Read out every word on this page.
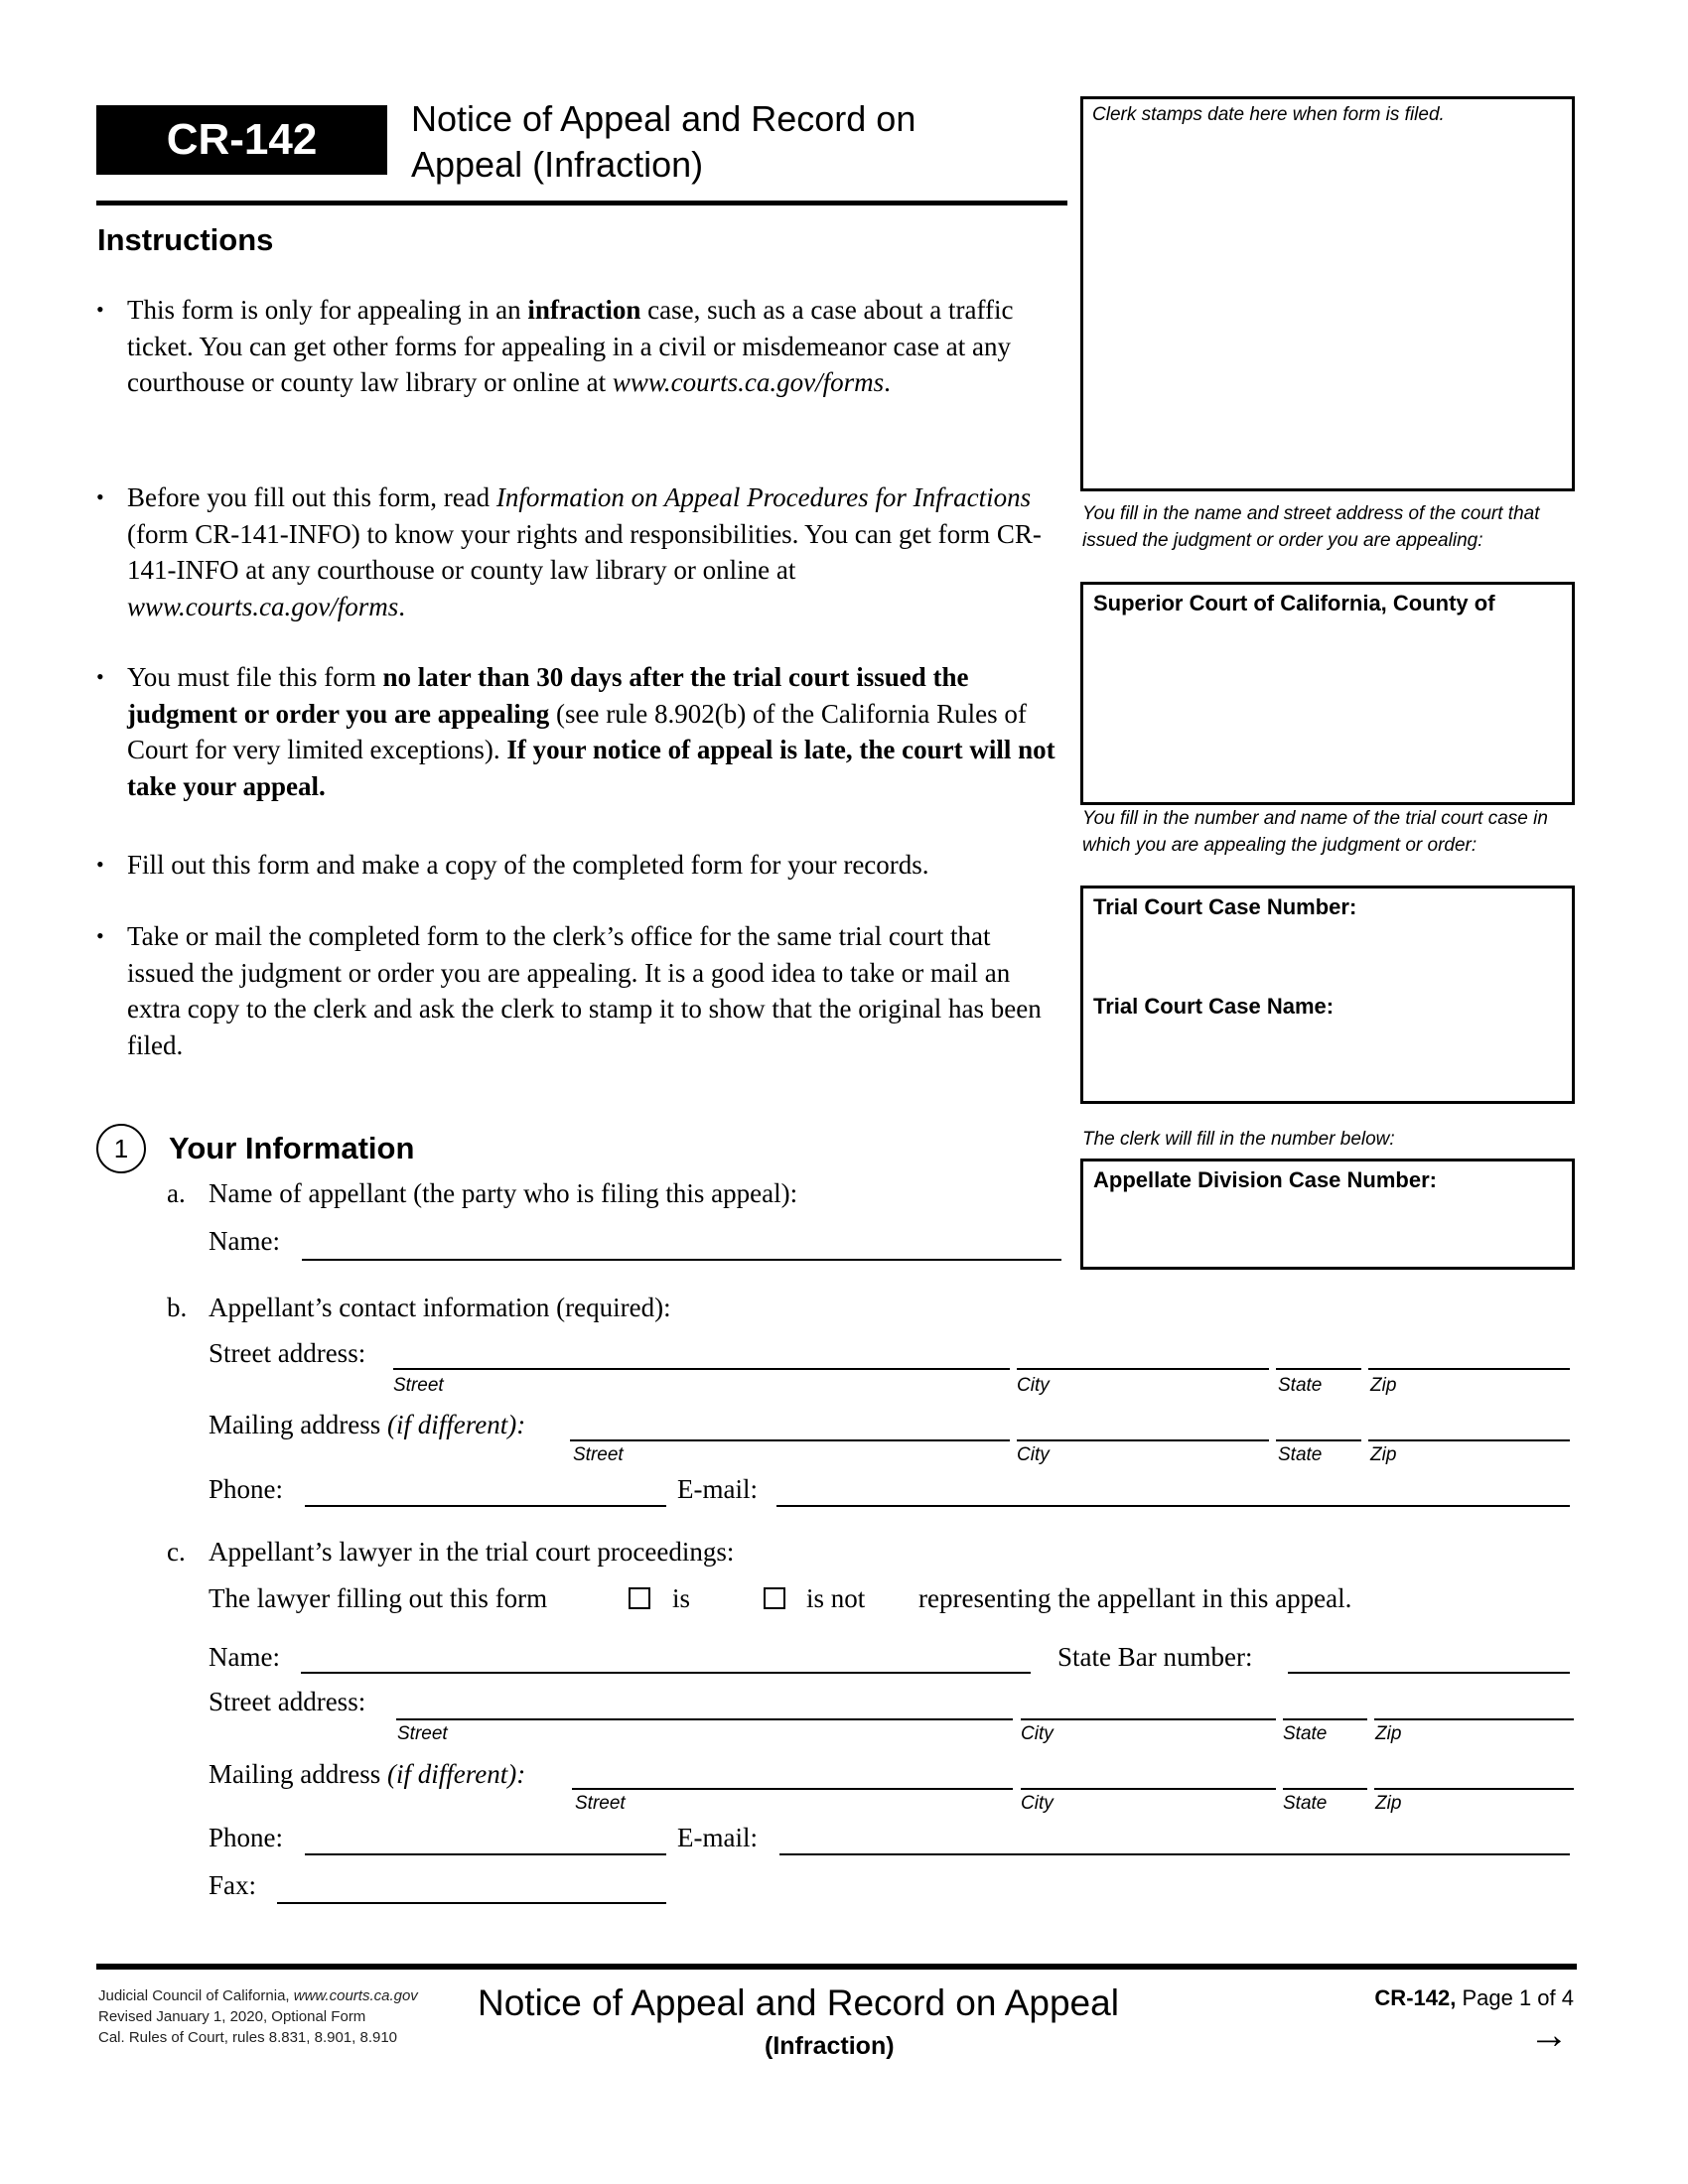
CR-142	Notice of Appeal and Record on
Appeal (Infraction)
Clerk stamps date here when form is filed.
You fill in the name and street address of the court that issued the judgment or order you are appealing:
Superior Court of California, County of
You fill in the number and name of the trial court case in which you are appealing the judgment or order:
Trial Court Case Number:
Trial Court Case Name:
The clerk will fill in the number below:
Appellate Division Case Number:
Instructions
• This form is only for appealing in an infraction case, such as a case about a traffic ticket. You can get other forms for appealing in a civil or misdemeanor case at any courthouse or county law library or online at www.courts.ca.gov/forms.
• Before you fill out this form, read Information on Appeal Procedures for Infractions (form CR-141-INFO) to know your rights and responsibilities. You can get form CR-141-INFO at any courthouse or county law library or online at www.courts.ca.gov/forms.
• You must file this form no later than 30 days after the trial court issued the judgment or order you are appealing (see rule 8.902(b) of the California Rules of Court for very limited exceptions). If your notice of appeal is late, the court will not take your appeal.
• Fill out this form and make a copy of the completed form for your records.
• Take or mail the completed form to the clerk’s office for the same trial court that issued the judgment or order you are appealing. It is a good idea to take or mail an extra copy to the clerk and ask the clerk to stamp it to show that the original has been filed.
1	Your Information
a. Name of appellant (the party who is filing this appeal):
Name:
b. Appellant’s contact information (required):
Street address:
Street	City	State	Zip
Mailing address (if different):
Street	City	State	Zip
Phone:	E-mail:
c. Appellant’s lawyer in the trial court proceedings:
The lawyer filling out this form	is	is not representing the appellant in this appeal.
Name:	State Bar number:
Street address:
Street	City	State	Zip
Mailing address (if different):
Street	City	State	Zip
Phone:	E-mail:
Fax:
Judicial Council of California, www.courts.ca.gov
Revised January 1, 2020, Optional Form
Cal. Rules of Court, rules 8.831, 8.901, 8.910
Notice of Appeal and Record on Appeal
(Infraction)
CR-142, Page 1 of 4
→
